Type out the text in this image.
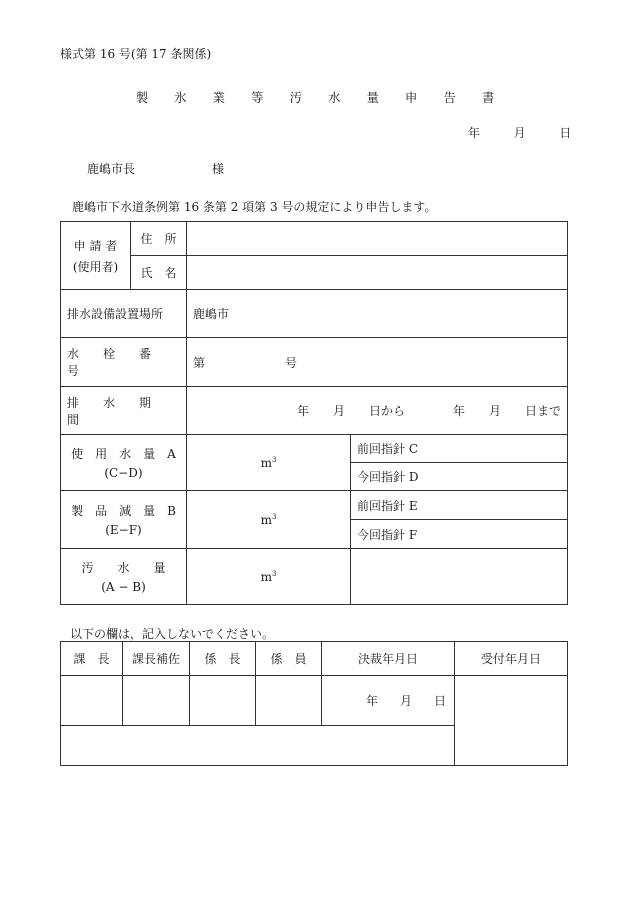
様式第 16 号(第 17 条関係)
製 氷 業 等 汚 水 量 申 告 書
年	月	日
鹿嶋市長	様
鹿嶋市下水道条例第 16 条第 2 項第 3 号の規定により申告します。
申 請 者
(使用者)	住　所		
	氏　名		
排水設備設置場所		鹿嶋市	
水　　栓　　番　　号		第 号	
排　　水　　期　　間		年　　月　　日から　　　　年　　月　　日まで	

使　用　水　量　A
(C−D)		$m^3$	前回指針 C
			今回指針 D

製　品　減　量　B
(E−F)		$m^3$	前回指針 E
			今回指針 F

汚　　水　　量
(A − B)		$m^3$	
以下の欄は，記入しないでください。
課　長	課長補佐	係　長	係　員	決裁年月日	受付年月日
				年 月 日	
